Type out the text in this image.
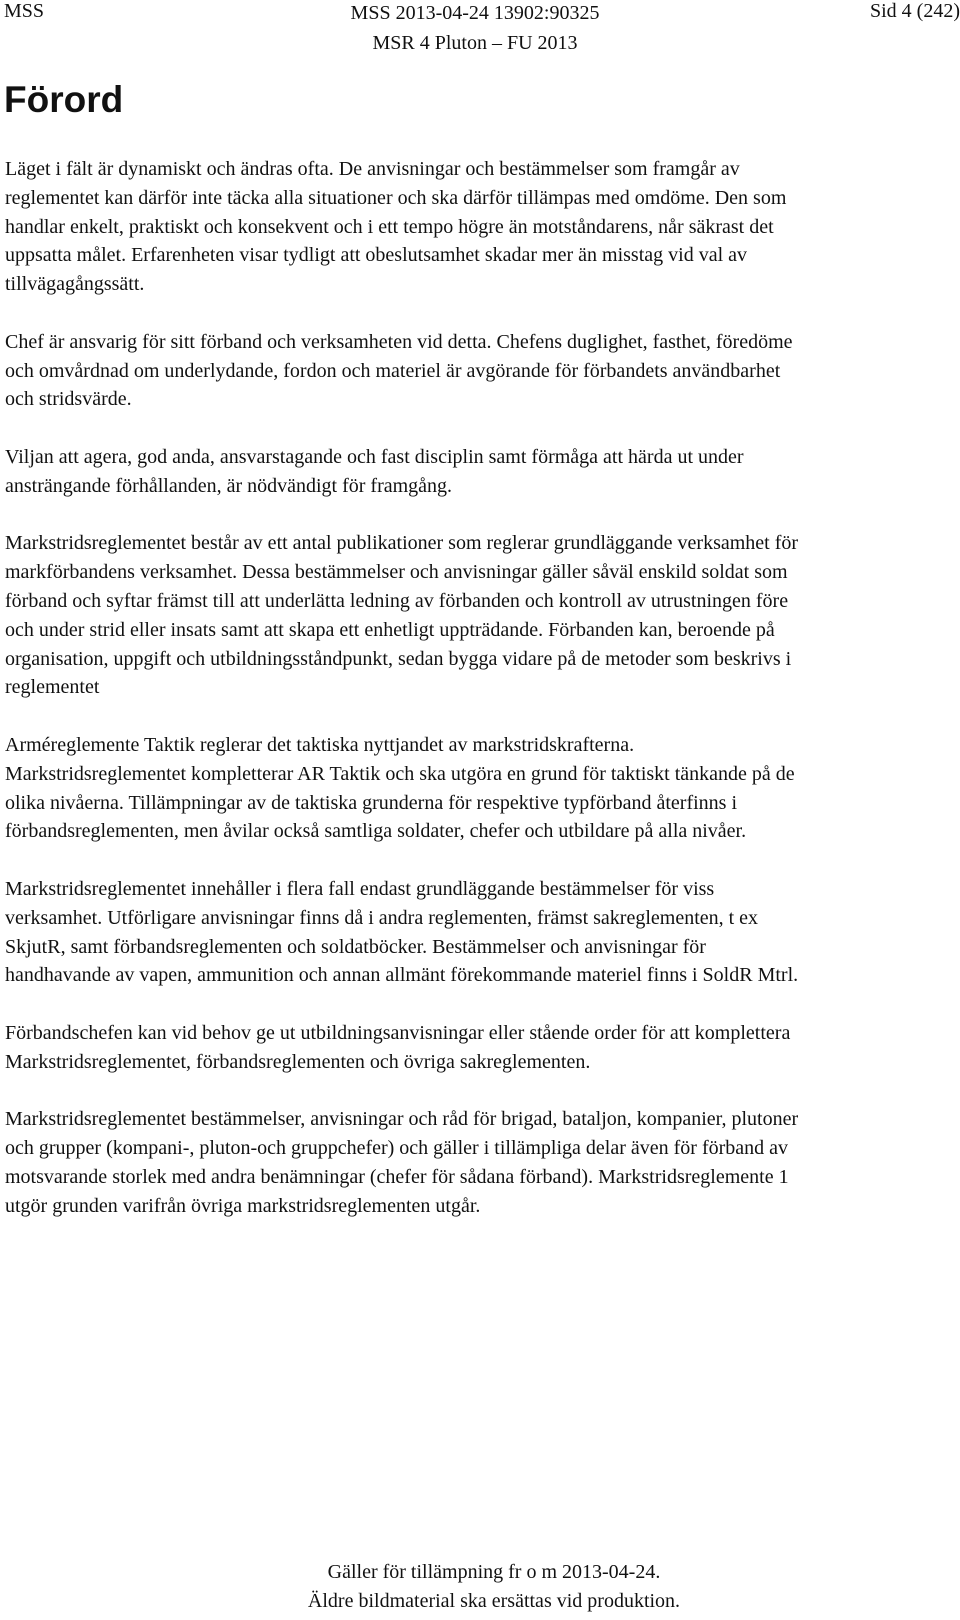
MSS	MSS 2013-04-24 13902:90325
MSR 4 Pluton – FU 2013
Sid 4 (242)
Förord

Läget i fält är dynamiskt och ändras ofta. De anvisningar och bestämmelser som framgår av reglementet kan därför inte täcka alla situationer och ska därför tillämpas med omdöme. Den som handlar enkelt, praktiskt och konsekvent och i ett tempo högre än motståndarens, når säkrast det uppsatta målet. Erfarenheten visar tydligt att obeslutsamhet skadar mer än misstag vid val av tillvägagångssätt.

Chef är ansvarig för sitt förband och verksamheten vid detta. Chefens duglighet, fasthet, föredöme och omvårdnad om underlydande, fordon och materiel är avgörande för förbandets användbarhet och stridsvärde.

Viljan att agera, god anda, ansvarstagande och fast disciplin samt förmåga att härda ut under ansträngande förhållanden, är nödvändigt för framgång.

Markstridsreglementet består av ett antal publikationer som reglerar grundläggande verksamhet för markförbandens verksamhet. Dessa bestämmelser och anvisningar gäller såväl enskild soldat som förband och syftar främst till att underlätta ledning av förbanden och kontroll av utrustningen före och under strid eller insats samt att skapa ett enhetligt uppträdande. Förbanden kan, beroende på organisation, uppgift och utbildningsståndpunkt, sedan bygga vidare på de metoder som beskrivs i reglementet

Arméreglemente Taktik reglerar det taktiska nyttjandet av markstridskrafterna. Markstridsreglementet kompletterar AR Taktik och ska utgöra en grund för taktiskt tänkande på de olika nivåerna. Tillämpningar av de taktiska grunderna för respektive typförband återfinns i förbandsreglementen, men åvilar också samtliga soldater, chefer och utbildare på alla nivåer.

Markstridsreglementet innehåller i flera fall endast grundläggande bestämmelser för viss verksamhet. Utförligare anvisningar finns då i andra reglementen, främst sakreglementen, t ex SkjutR, samt förbandsreglementen och soldatböcker. Bestämmelser och anvisningar för handhavande av vapen, ammunition och annan allmänt förekommande materiel finns i SoldR Mtrl.

Förbandschefen kan vid behov ge ut utbildningsanvisningar eller stående order för att komplettera Markstridsreglementet, förbandsreglementen och övriga sakreglementen.

Markstridsreglementet bestämmelser, anvisningar och råd för brigad, bataljon, kompanier, plutoner och grupper (kompani-, pluton-och gruppchefer) och gäller i tillämpliga delar även för förband av motsvarande storlek med andra benämningar (chefer för sådana förband). Markstridsreglemente 1 utgör grunden varifrån övriga markstridsreglementen utgår.

Gäller för tillämpning fr o m 2013-04-24.
Äldre bildmaterial ska ersättas vid produktion.
